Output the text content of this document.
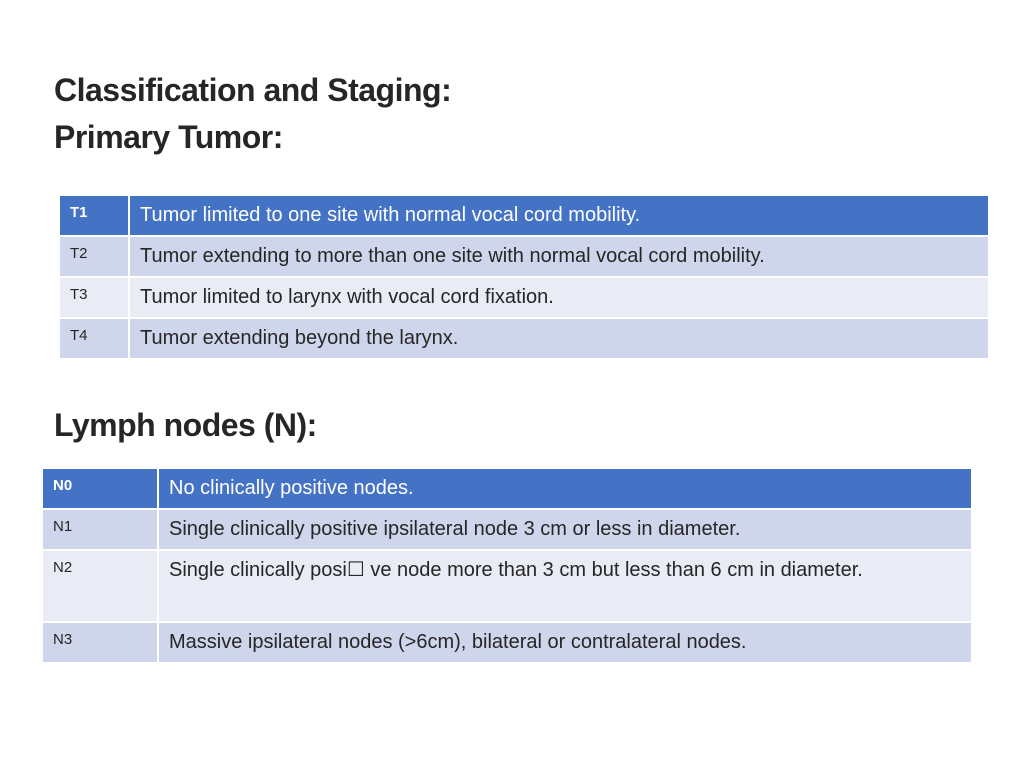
Classification and Staging:
Primary Tumor:
T1	Tumor limited to one site with normal vocal cord mobility.
T2	Tumor extending to more than one site with normal vocal cord mobility.
T3	Tumor limited to larynx with vocal cord fixation.
T4	Tumor extending beyond the larynx.
Lymph nodes (N):
N0	No clinically positive nodes.
N1	Single clinically positive ipsilateral node 3 cm or less in diameter.
N2	Single clinically posi☐ ve node more than 3 cm but less than 6 cm in diameter.
N3	Massive ipsilateral nodes (>6cm), bilateral or contralateral nodes.
